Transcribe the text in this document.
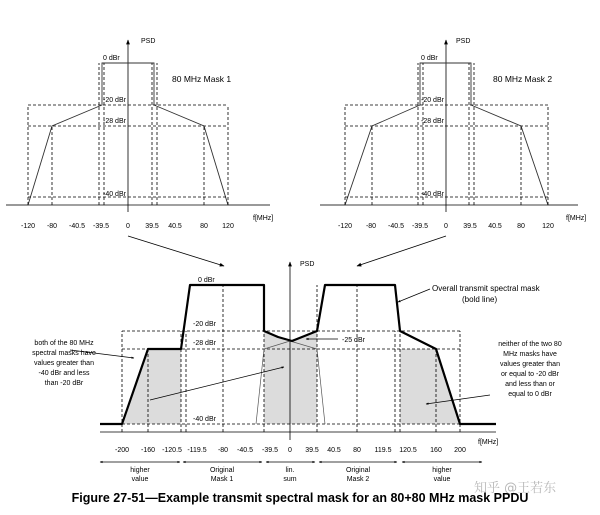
PSD
80 MHz Mask 1
f[MHz]
0 dBr
-20 dBr
-28 dBr
-40 dBr
-120 -80 -40.5 -39.5 0 39.5 40.5	80 120
PSD
80 MHz Mask 2
f[MHz]
0 dBr
-20 dBr
-28 dBr
-40 dBr
-120 -80 -40.5 -39.5 0 39.5 40.5 80 120
0 dBr
-20 dBr
-28 dBr
-40 dBr
-25 dBr
PSD
f[MHz]
-200 -160 -120.5 -119.5 -80 -40.5 -39.5 0 39.5 40.5 80 119.5 120.5 160 200
Overall transmit spectral mask
(bold line)
both of the 80 MHz
spectral masks have
values greater than
-40 dBr and less
than -20 dBr
neither of the two 80
MHz masks have
values greater than
or equal to -20 dBr
and less than or
equal to 0 dBr
higher
value
Original
Mask 1
lin.
sum
Original
Mask 2
higher
value
知乎 @王若东
Figure 27-51—Example transmit spectral mask for an 80+80 MHz mask PPDU
